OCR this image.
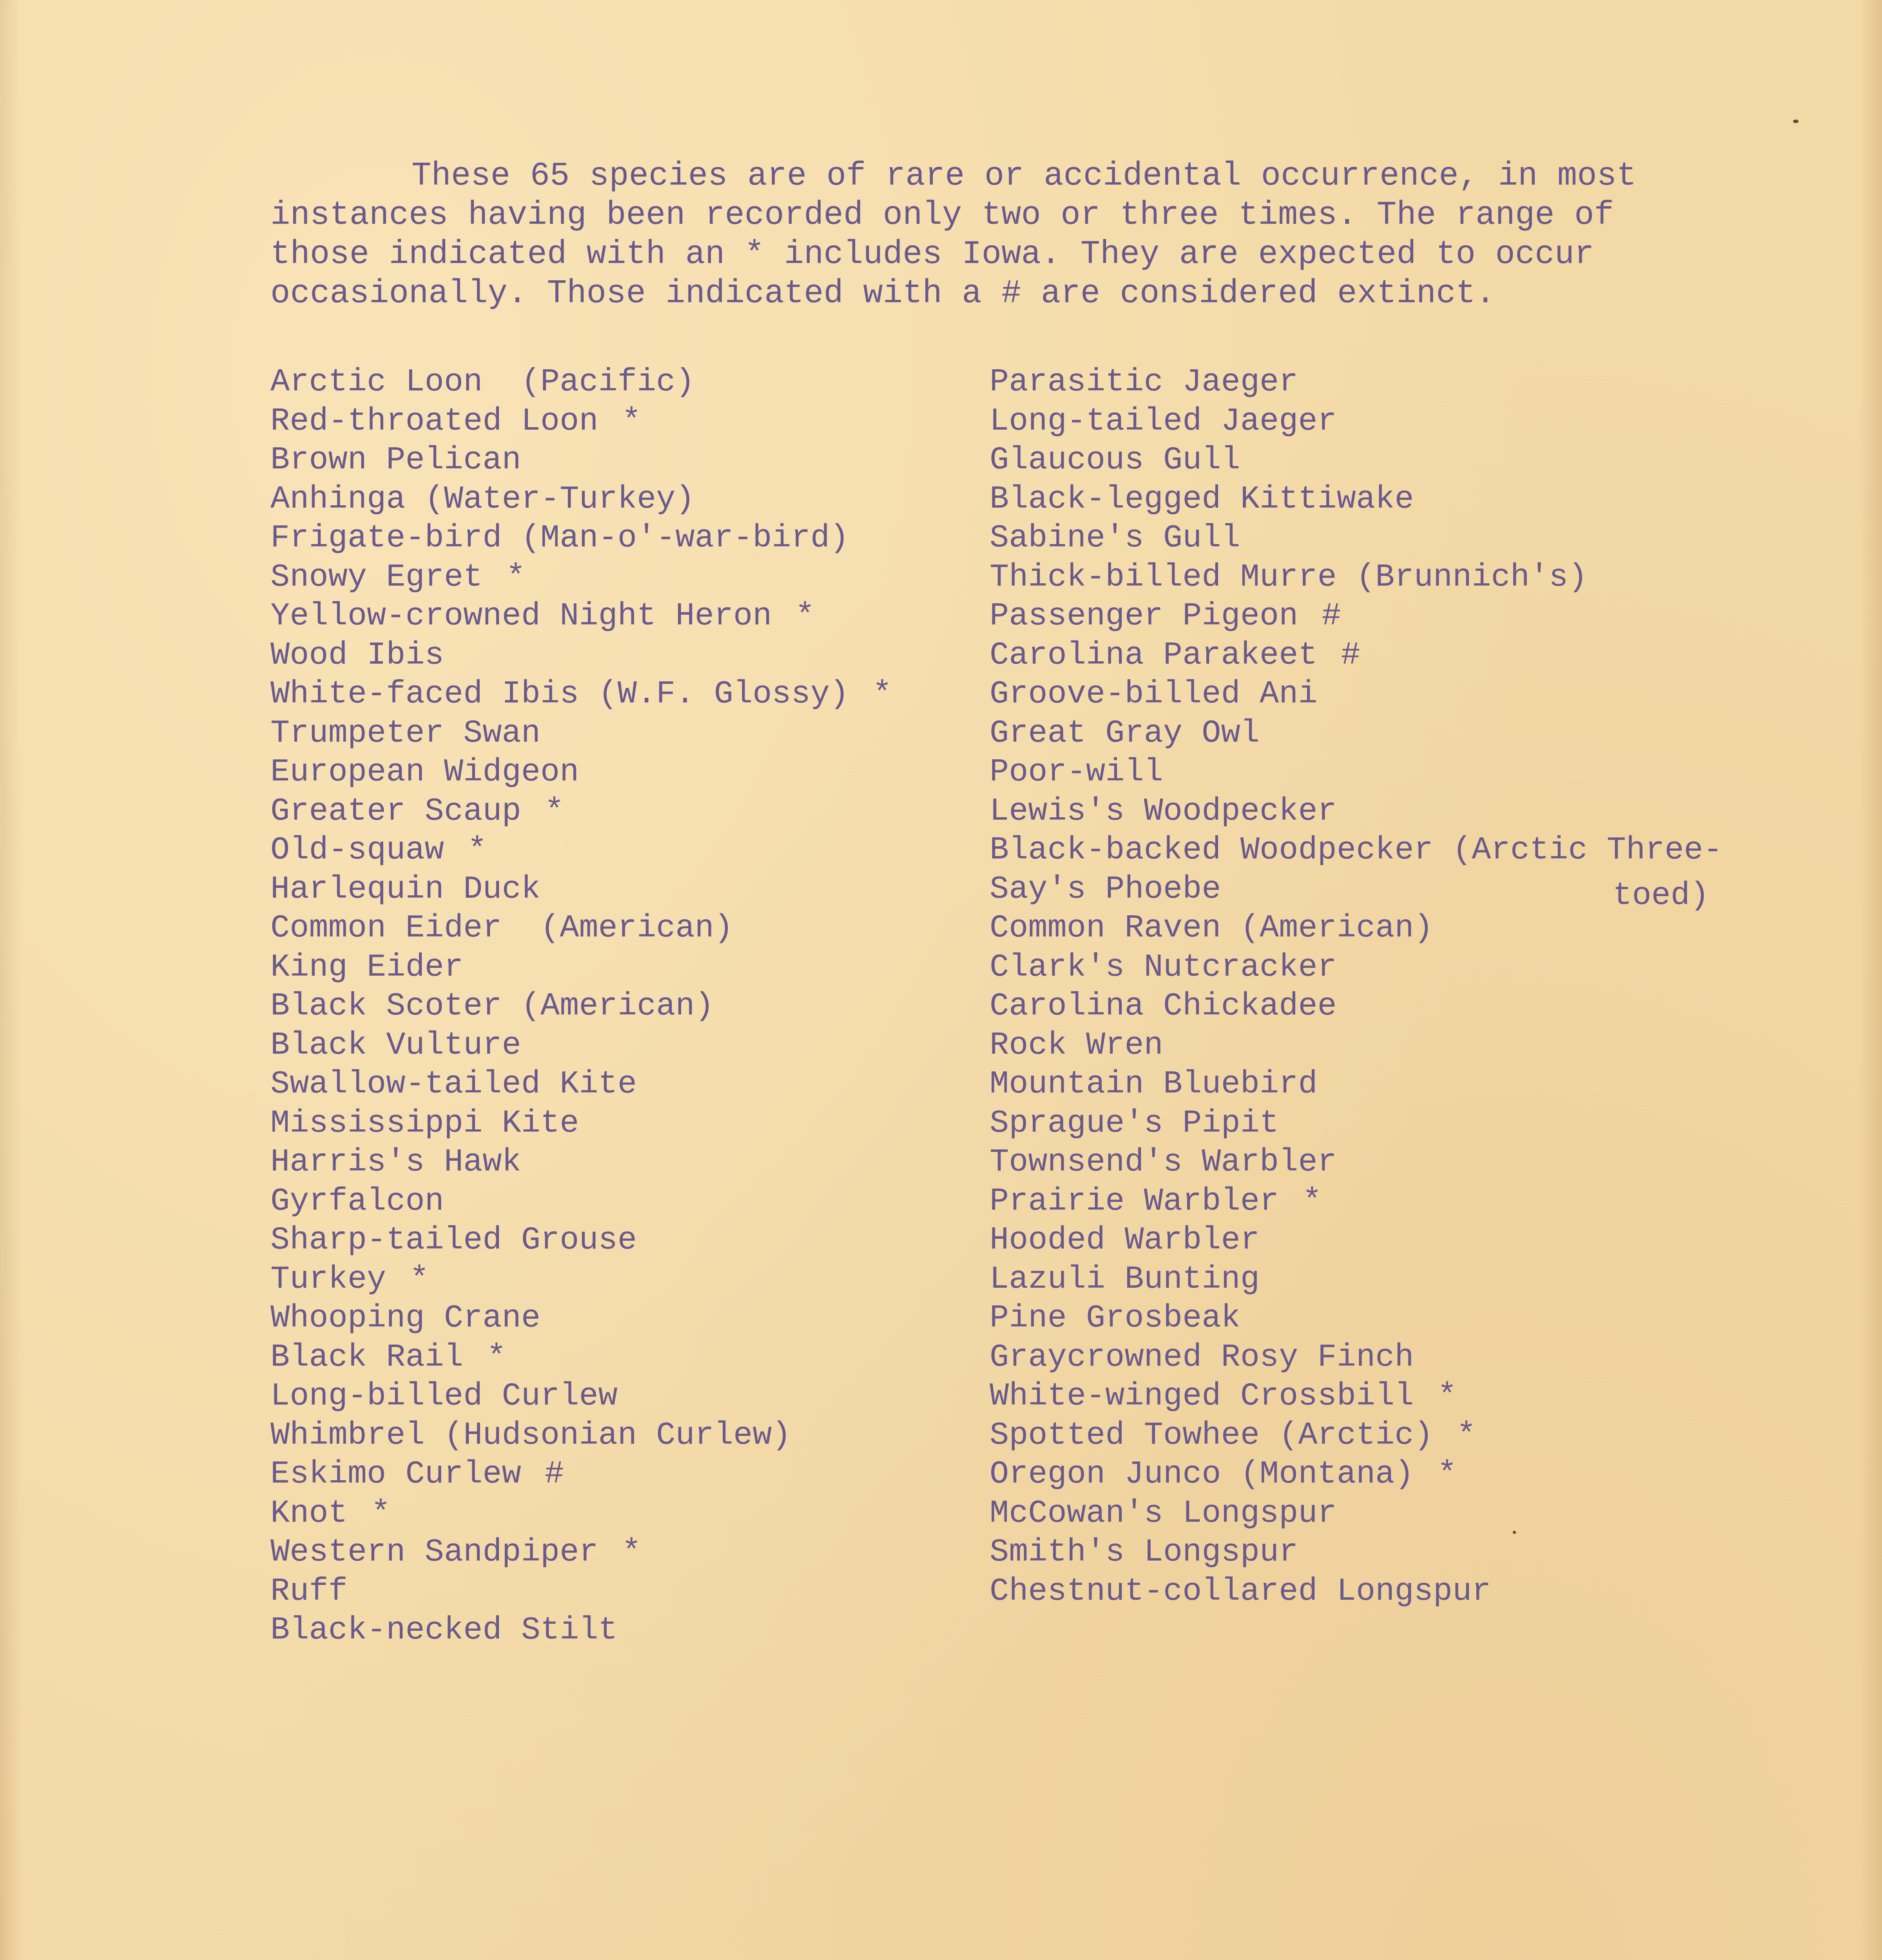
These 65 species are of rare or accidental occurrence, in most
instances having been recorded only two or three times. The range of
those indicated with an * includes Iowa. They are expected to occur
occasionally. Those indicated with a # are considered extinct.

Arctic Loon  (Pacific)
Red-throated Loon *
Brown Pelican
Anhinga (Water-Turkey)
Frigate-bird (Man-o'-war-bird)
Snowy Egret *
Yellow-crowned Night Heron *
Wood Ibis
White-faced Ibis (W.F. Glossy) *
Trumpeter Swan
European Widgeon
Greater Scaup *
Old-squaw *
Harlequin Duck
Common Eider  (American)
King Eider
Black Scoter (American)
Black Vulture
Swallow-tailed Kite
Mississippi Kite
Harris's Hawk
Gyrfalcon
Sharp-tailed Grouse
Turkey *
Whooping Crane
Black Rail *
Long-billed Curlew
Whimbrel (Hudsonian Curlew)
Eskimo Curlew #
Knot *
Western Sandpiper *
Ruff
Black-necked Stilt
Parasitic Jaeger
Long-tailed Jaeger
Glaucous Gull
Black-legged Kittiwake
Sabine's Gull
Thick-billed Murre (Brunnich's)
Passenger Pigeon #
Carolina Parakeet #
Groove-billed Ani
Great Gray Owl
Poor-will
Lewis's Woodpecker
Black-backed Woodpecker (Arctic Three-
Say's Phoebe
Common Raven (American)
Clark's Nutcracker
Carolina Chickadee
Rock Wren
Mountain Bluebird
Sprague's Pipit
Townsend's Warbler
Prairie Warbler *
Hooded Warbler
Lazuli Bunting
Pine Grosbeak
Graycrowned Rosy Finch
White-winged Crossbill *
Spotted Towhee (Arctic) *
Oregon Junco (Montana) *
McCowan's Longspur
Smith's Longspur
Chestnut-collared Longspur
toed)
